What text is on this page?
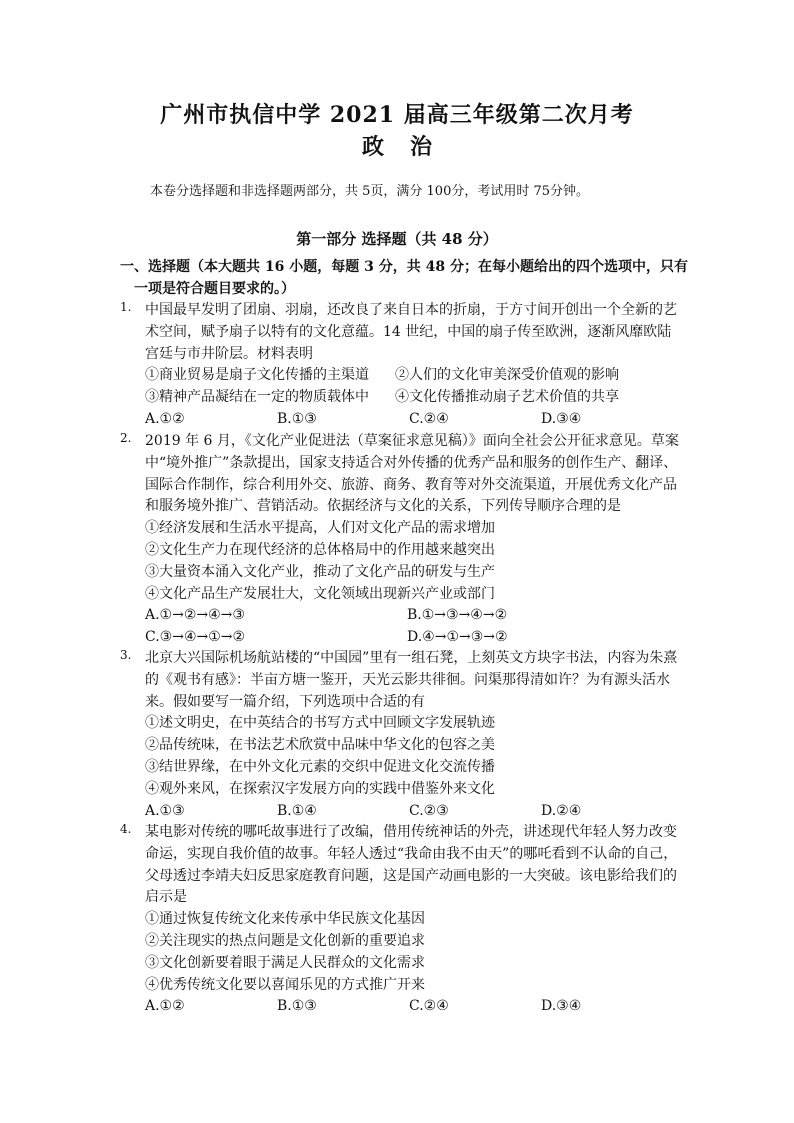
广州市执信中学 2021 届高三年级第二次月考
政治
本卷分选择题和非选择题两部分，共 5页，满分 100分，考试用时 75分钟。
第一部分 选择题（共 48 分）
一、选择题（本大题共 16 小题，每题 3 分，共 48 分；在每小题给出的四个选项中，只有
一项是符合题目要求的。）
1. 中国最早发明了团扇、羽扇，还改良了来自日本的折扇，于方寸间开创出一个全新的艺
术空间，赋予扇子以特有的文化意蕴。14 世纪，中国的扇子传至欧洲，逐渐风靡欧陆
宫廷与市井阶层。材料表明
①商业贸易是扇子文化传播的主渠道 ②人们的文化审美深受价值观的影响 ③精神产品凝结在一定的物质载体中 ④文化传播推动扇子艺术价值的共享
A.①②	B.①③	C.②④	D.③④
2. 2019 年 6 月，《文化产业促进法（草案征求意见稿）》面向全社会公开征求意见。草案
中“境外推广”条款提出，国家支持适合对外传播的优秀产品和服务的创作生产、翻译、
国际合作制作，综合利用外交、旅游、商务、教育等对外交流渠道，开展优秀文化产品
和服务境外推广、营销活动。依据经济与文化的关系，下列传导顺序合理的是
①经济发展和生活水平提高，人们对文化产品的需求增加
②文化生产力在现代经济的总体格局中的作用越来越突出
③大量资本涌入文化产业，推动了文化产品的研发与生产
④文化产品生产发展壮大，文化领域出现新兴产业或部门
A.①→②→④→③	B.①→③→④→②
C.③→④→①→②	D.④→①→③→②
3. 北京大兴国际机场航站楼的“中国园”里有一组石凳，上刻英文方块字书法，内容为朱熹
的《观书有感》：半亩方塘一鉴开，天光云影共徘徊。问渠那得清如许？为有源头活水
来。假如要写一篇介绍，下列选项中合适的有
①述文明史，在中英结合的书写方式中回顾文字发展轨迹
②品传统味，在书法艺术欣赏中品味中华文化的包容之美
③结世界缘，在中外文化元素的交织中促进文化交流传播
④观外来风，在探索汉字发展方向的实践中借鉴外来文化
A.①③	B.①④	C.②③	D.②④
4. 某电影对传统的哪吒故事进行了改编，借用传统神话的外壳，讲述现代年轻人努力改变
命运，实现自我价值的故事。年轻人透过“我命由我不由天”的哪吒看到不认命的自己，
父母透过李靖夫妇反思家庭教育问题，这是国产动画电影的一大突破。该电影给我们的
启示是
①通过恢复传统文化来传承中华民族文化基因
②关注现实的热点问题是文化创新的重要追求
③文化创新要着眼于满足人民群众的文化需求
④优秀传统文化要以喜闻乐见的方式推广开来
A.①②	B.①③	C.②④	D.③④
